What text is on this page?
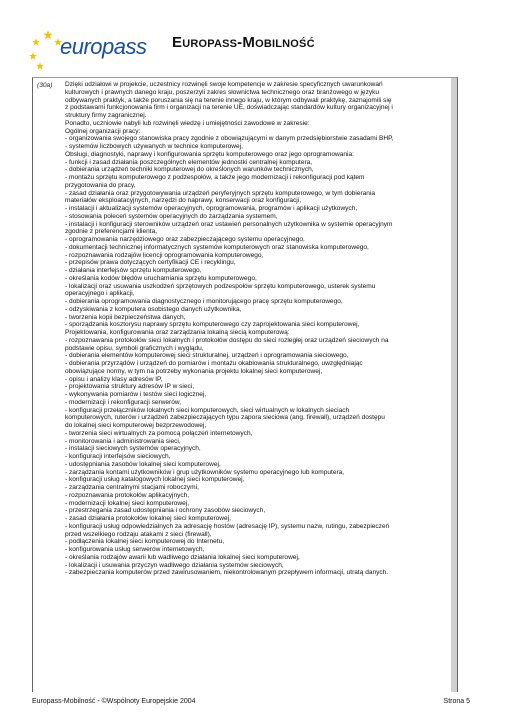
europass Europass-Mobilność
(30a) Dzięki udziałowi w projekcie, uczestnicy rozwinęli swoje kompetencje w zakresie specyficznych uwarunkowań
kulturowych i prawnych danego kraju, poszerzyli zakres słownictwa technicznego oraz branżowego w języku
odbywanych praktyk, a także poruszania się na terenie innego kraju, w którym odbywali praktykę, zaznajomili się
z podstawami funkcjonowania firm i organizacji na terenie UE, doświadczając standardów kultury organizacyjnej i
struktury firmy zagranicznej.
Ponadto, uczniowie nabyli lub rozwinęli wiedzę i umiejętności zawodowe w zakresie:
Ogólnej organizacji pracy:
- organizowania swojego stanowiska pracy zgodnie z obowiązującymi w danym przedsiębiorstwie zasadami BHP,
- systemów liczbowych używanych w technice komputerowej,
Obsługi, diagnostyki, naprawy i konfigurowania sprzętu komputerowego oraz jego oprogramowania:
- funkcji i zasad działania poszczególnych elementów jednostki centralnej komputera,
- dobierania urządzeń techniki komputerowej do określonych warunków technicznych,
- montażu sprzętu komputerowego z podzespołów, a także jego modernizacji i rekonfiguracji pod kątem
przygotowania do pracy,
- zasad działania oraz przygotowywania urządzeń peryferyjnych sprzętu komputerowego, w tym dobierania
materiałów eksploatacyjnych, narzędzi do naprawy, konserwacji oraz konfiguracji,
- instalacji i aktualizacji systemów operacyjnych, oprogramowania, programów i aplikacji użytkowych,
- stosowania poleceń systemów operacyjnych do zarządzania systemem,
- instalacji i konfiguracji sterowników urządzeń oraz ustawień personalnych użytkownika w systemie operacyjnym
zgodnie z preferencjami klienta,
- oprogramowania narzędziowego oraz zabezpieczającego systemu operacyjnego,
- dokumentacji technicznej informatycznych systemów komputerowych oraz stanowiska komputerowego,
- rozpoznawania rodzajów licencji oprogramowania komputerowego,
- przepisów prawa dotyczących certyfikacji CE i recyklingu,
- działania interfejsów sprzętu komputerowego,
- określania kodów błędów uruchamiania sprzętu komputerowego,
- lokalizacji oraz usuwania uszkodzeń sprzętowych podzespołów sprzętu komputerowego, usterek systemu
operacyjnego i aplikacji,
- dobierania oprogramowania diagnostycznego i monitorującego pracę sprzętu komputerowego,
- odzyskiwania z komputera osobistego danych użytkownika,
- tworzenia kopii bezpieczeństwa danych,
- sporządzania kosztorysu naprawy sprzętu komputerowego czy zaprojektowania sieci komputerowej,
Projektowania, konfigurowania oraz zarządzania lokalną siecią komputerową:
- rozpoznawania protokołów sieci lokalnych i protokołów dostępu do sieci rozległej oraz urządzeń sieciowych na
podstawie opisu, symboli graficznych i wyglądu,
- dobierania elementów komputerowej sieci strukturalnej, urządzeń i oprogramowania sieciowego,
- dobierania przyrządów i urządzeń do pomiarów i montażu okablowania strukturalnego, uwzględniając
obowiązujące normy, w tym na potrzeby wykonania projektu lokalnej sieci komputerowej,
- opisu i analizy klasy adresów IP,
- projektowania struktury adresów IP w sieci,
- wykonywania pomiarów i testów sieci logicznej,
- modernizacji i rekonfiguracji serwerów,
- konfiguracji przełączników lokalnych sieci komputerowych, sieci wirtualnych w lokalnych sieciach
komputerowych, ruterów i urządzeń zabezpieczających typu zapora sieciowa (ang. firewall), urządzeń dostępu
do lokalnej sieci komputerowej bezprzewodowej,
- tworzenia sieci wirtualnych za pomocą połączeń internetowych,
- monitorowania i administrowania sieci,
- instalacji sieciowych systemów operacyjnych,
- konfiguracji interfejsów sieciowych,
- udostępniania zasobów lokalnej sieci komputerowej,
- zarządzania kontami użytkowników i grup użytkowników systemu operacyjnego lub komputera,
- konfiguracji usług katalogowych lokalnej sieci komputerowej,
- zarządzania centralnymi stacjami roboczymi,
- rozpoznawania protokołów aplikacyjnych,
- modernizacji lokalnej sieci komputerowej,
- przestrzegania zasad udostępniania i ochrony zasobów sieciowych,
- zasad działania protokołów lokalnej sieci komputerowej,
- konfiguracji usług odpowiedzialnych za adresację hostów (adresację IP), systemu nazw, rutingu, zabezpieczeń
przed wszelkiego rodzaju atakami z sieci (firewall),
- podłączenia lokalnej sieci komputerowej do Internetu,
- konfigurowania usług serwerów internetowych,
- określania rodzajów awarii lub wadliwego działania lokalnej sieci komputerowej,
- lokalizacji i usuwania przyczyn wadliwego działania systemów sieciowych,
- zabezpieczania komputerów przed zawirusowaniem, niekontrolowanym przepływem informacji, utratą danych.
Europass-Mobilność - ©Wspólnoty Europejskie 2004	Strona 5
